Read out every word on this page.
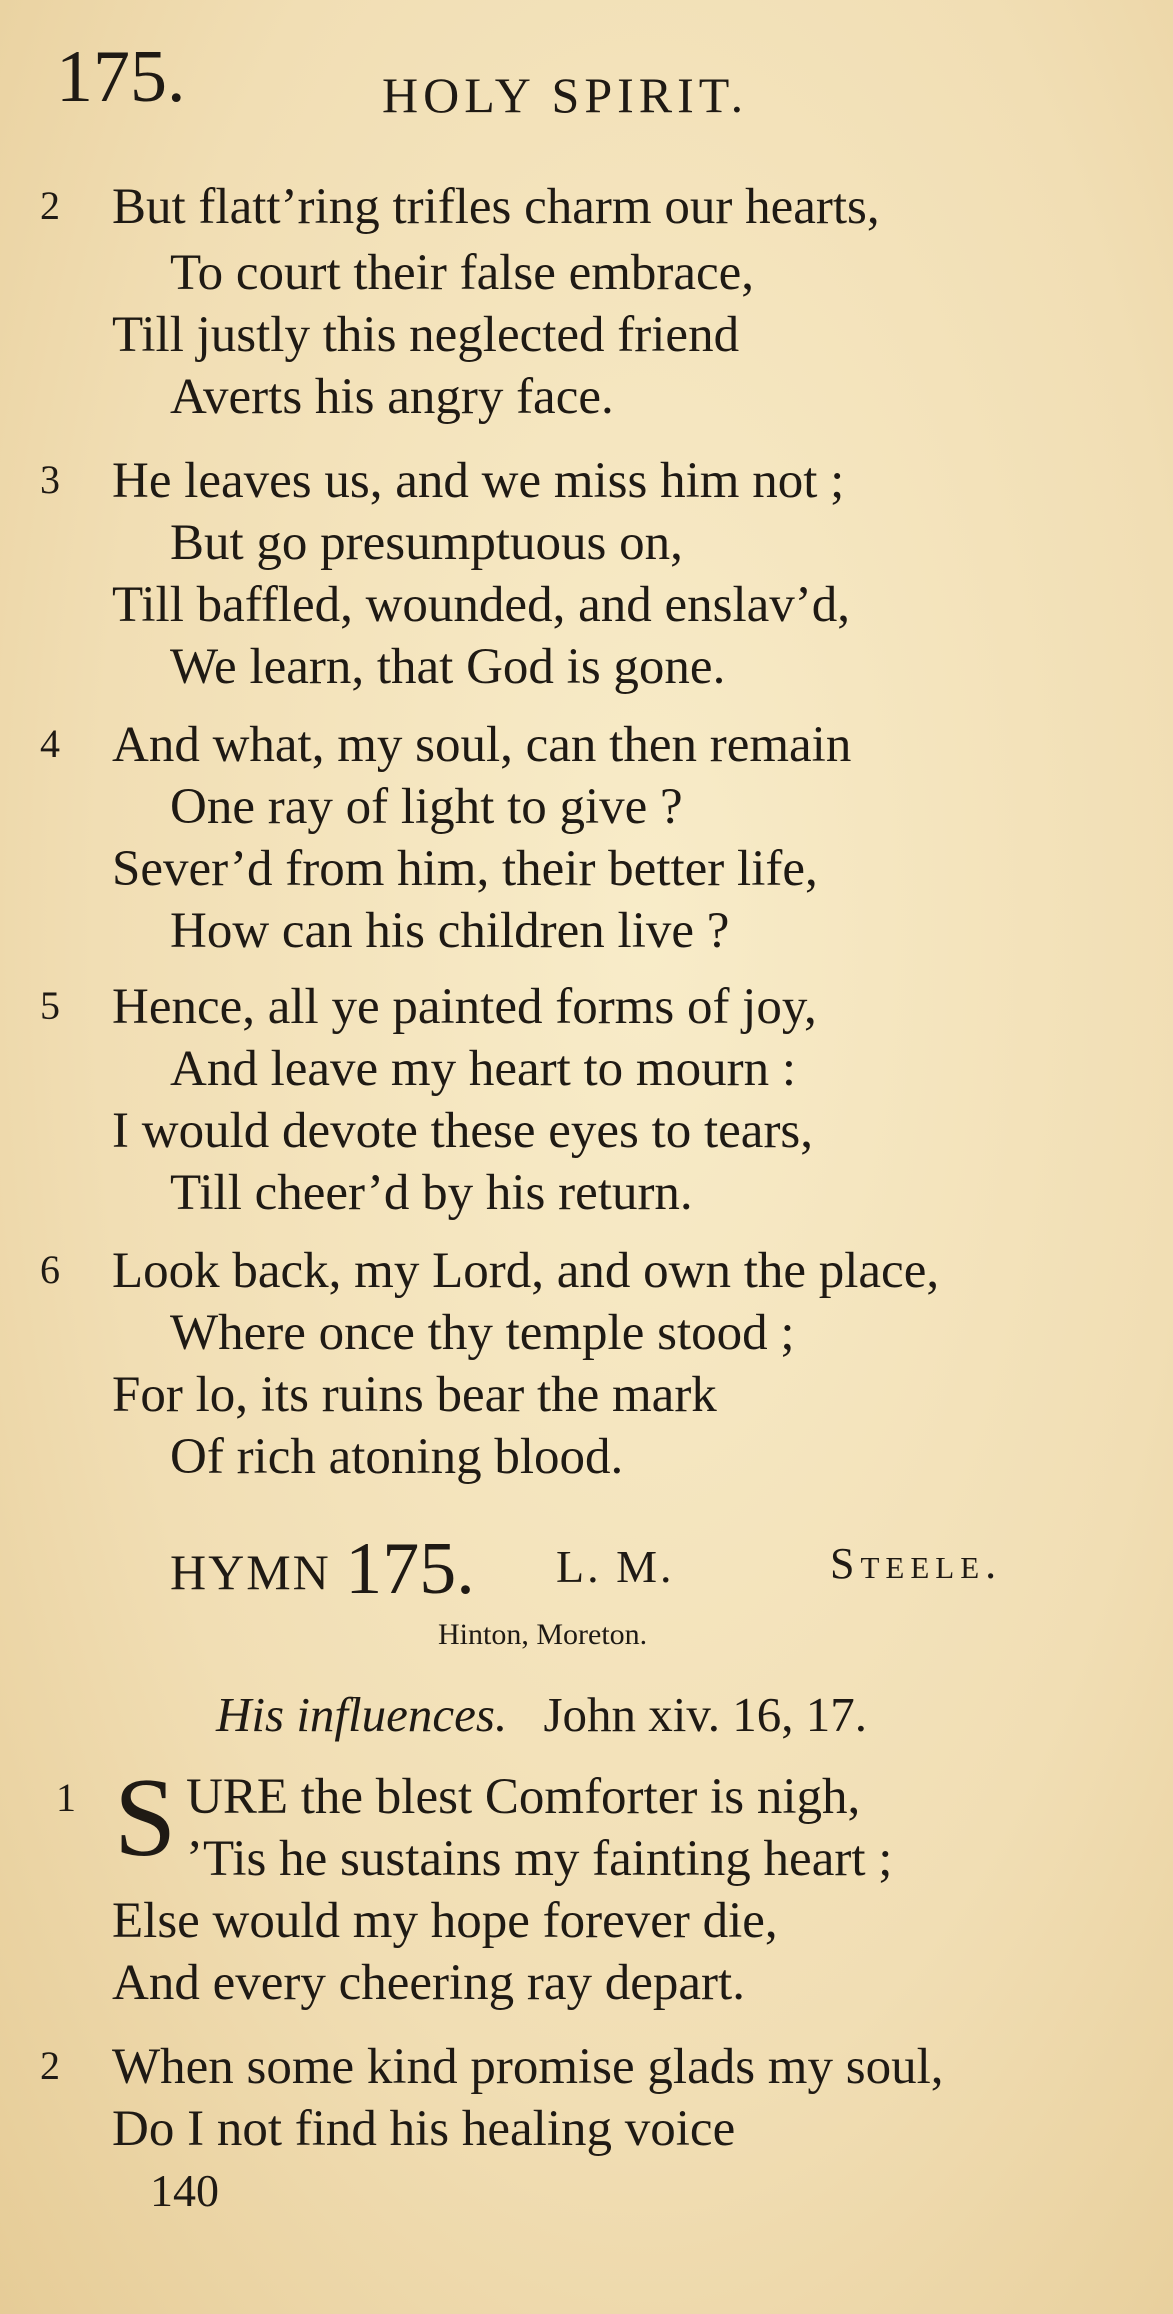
175.	HOLY SPIRIT.
2 But flatt’ring trifles charm our hearts,
To court their false embrace,
Till justly this neglected friend
Averts his angry face.
3 He leaves us, and we miss him not ;
But go presumptuous on,
Till baffled, wounded, and enslav’d,
We learn, that God is gone.
4 And what, my soul, can then remain
One ray of light to give ?
Sever’d from him, their better life,
How can his children live ?
5 Hence, all ye painted forms of joy,
And leave my heart to mourn :
I would devote these eyes to tears,
Till cheer’d by his return.
6 Look back, my Lord, and own the place,
Where once thy temple stood ;
For lo, its ruins bear the mark
Of rich atoning blood.
HYMN 175. L. M.	Steele.
Hinton, Moreton.
His influences. John xiv. 16, 17.
1 S URE the blest Comforter is nigh,
’Tis he sustains my fainting heart ;
Else would my hope forever die,
And every cheering ray depart.
2 When some kind promise glads my soul,
Do I not find his healing voice
140
